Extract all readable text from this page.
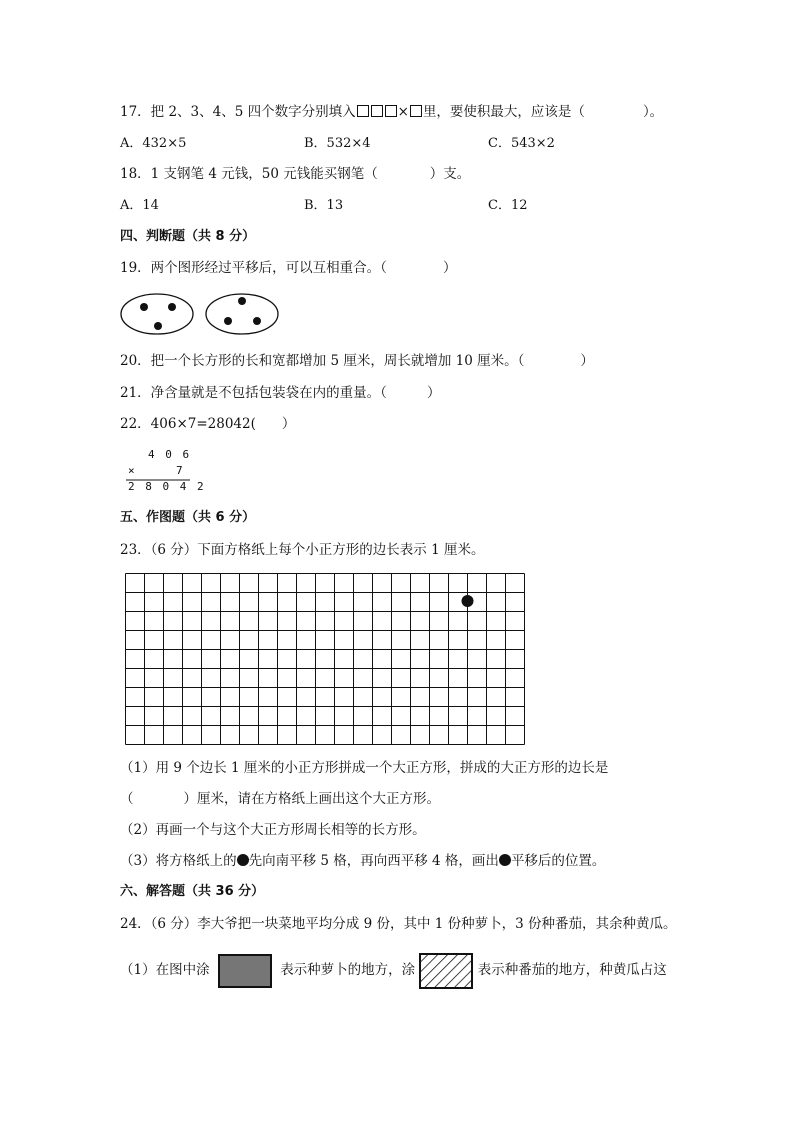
17．把 2、3、4、5 四个数字分别填入	× 里，要使积最大，应该是（	）。
A．432×5	B．532×4	C．543×2
18．1 支钢笔 4 元钱，50 元钱能买钢笔（	）支。
A．14	B．13	C．12
四、判断题（共 8 分）
19．两个图形经过平移后，可以互相重合。（	）
20．把一个长方形的长和宽都增加 5 厘米，周长就增加 10 厘米。（	）
21．净含量就是不包括包装袋在内的重量。（	）
22．406×7=28042( ）
4 0 6
×	7
2 8 0 4 2
五、作图题（共 6 分）
23．（6 分）下面方格纸上每个小正方形的边长表示 1 厘米。
（1）用 9 个边长 1 厘米的小正方形拼成一个大正方形，拼成的大正方形的边长是
（	）厘米，请在方格纸上画出这个大正方形。
（2）再画一个与这个大正方形周长相等的长方形。
（3）将方格纸上的 先向南平移 5 格，再向西平移 4 格，画出 平移后的位置。
六、解答题（共 36 分）
24．（6 分）李大爷把一块菜地平均分成 9 份，其中 1 份种萝卜，3 份种番茄，其余种黄瓜。
（1）在图中涂	表示种萝卜的地方，涂	表示种番茄的地方，种黄瓜占这
